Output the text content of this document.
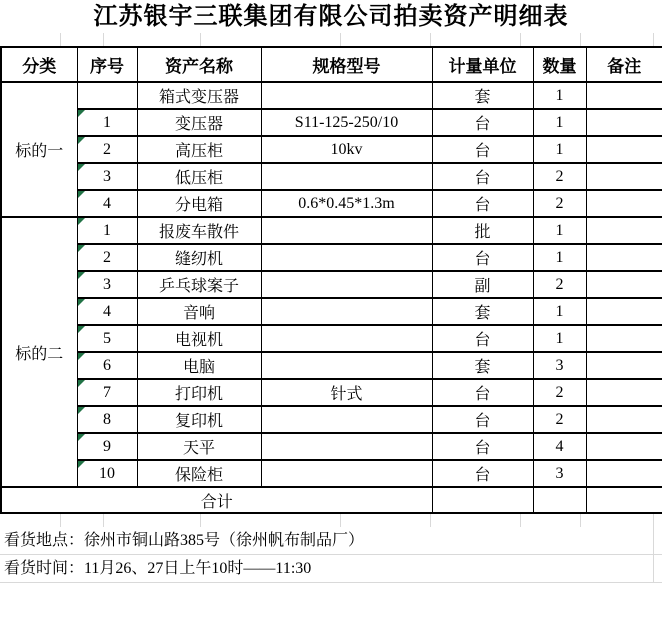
江苏银宇三联集团有限公司拍卖资产明细表
分类	序号	资产名称	规格型号	计量单位	数量	备注
标的一		箱式变压器		套	1	

1	变压器	S11-125-250/10	台	1	

2	高压柜	10kv	台	1	

3	低压柜		台	2	

4	分电箱	0.6*0.45*1.3m	台	2	
标的二	1	报废车散件		批	1	

2	缝纫机		台	1	

3	乒乓球案子		副	2	

4	音响		套	1	

5	电视机		台	1	

6	电脑		套	3	

7	打印机	针式	台	2	

8	复印机		台	2	

9	天平		台	4	

10	保险柜		台	3	
合计						
看货地点：徐州市铜山路385号（徐州帆布制品厂）
看货时间：11月26、27日上午10时——11:30
